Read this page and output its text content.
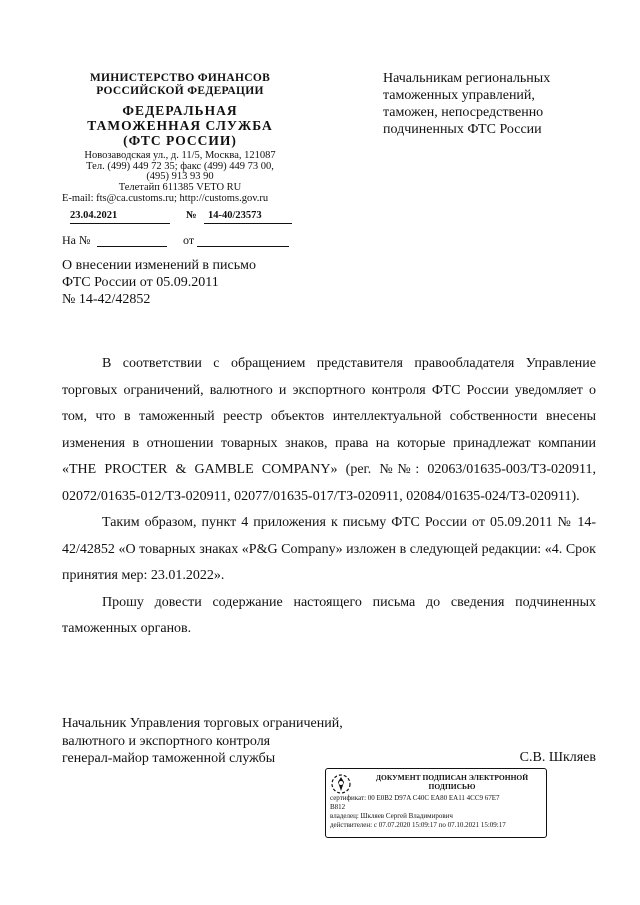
МИНИСТЕРСТВО ФИНАНСОВ
РОССИЙСКОЙ ФЕДЕРАЦИИ
ФЕДЕРАЛЬНАЯ
ТАМОЖЕННАЯ СЛУЖБА
(ФТС РОССИИ)
Новозаводская ул., д. 11/5, Москва, 121087
Тел. (499) 449 72 35; факс (499) 449 73 00,
(495) 913 93 90
Телетайп 611385 VETO RU
E-mail: fts@ca.customs.ru; http://customs.gov.ru
23.04.2021	№	14-40/23573
На №	от
О внесении изменений в письмо
ФТС России от 05.09.2011
№ 14-42/42852
Начальникам региональных
таможенных управлений,
таможен, непосредственно
подчиненных ФТС России

В соответствии с обращением представителя правообладателя Управление торговых ограничений, валютного и экспортного контроля ФТС России уведомляет о том, что в таможенный реестр объектов интеллектуальной собственности внесены изменения в отношении товарных знаков, права на которые принадлежат компании «THE PROCTER & GAMBLE COMPANY» (рег. №№: 02063/01635-003/ТЗ-020911, 02072/01635-012/ТЗ-020911, 02077/01635-017/ТЗ-020911, 02084/01635-024/ТЗ-020911).

Таким образом, пункт 4 приложения к письму ФТС России от 05.09.2011 № 14-42/42852 «О товарных знаках «P&G Company» изложен в следующей редакции: «4. Срок принятия мер: 23.01.2022».

Прошу довести содержание настоящего письма до сведения подчиненных таможенных органов.

Начальник Управления торговых ограничений,
валютного и экспортного контроля
генерал-майор таможенной службы	С.В. Шкляев
ДОКУМЕНТ ПОДПИСАН ЭЛЕКТРОННОЙ
ПОДПИСЬЮ
сертификат: 00 E0B2 D97A C40C EA80 EA11 4CC9 67E7
B812
владелец: Шкляев Сергей Владимирович
действителен: с 07.07.2020 15:09:17 по 07.10.2021 15:09:17
